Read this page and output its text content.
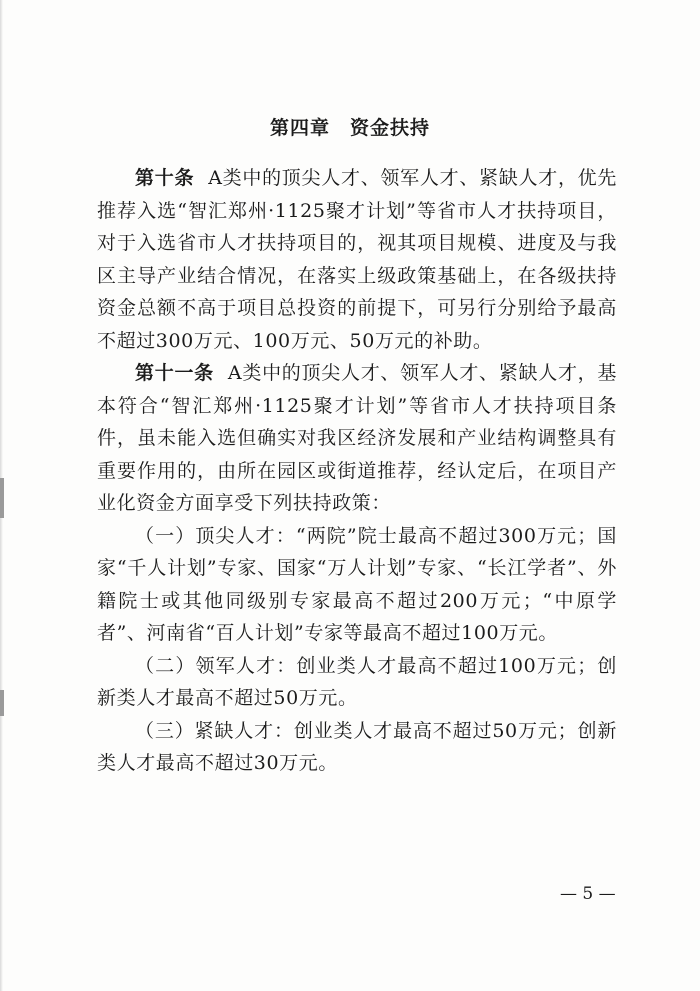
第四章　资金扶持

第十条 A类中的顶尖人才、领军人才、紧缺人才，优先推荐入选“智汇郑州·1125聚才计划”等省市人才扶持项目，对于入选省市人才扶持项目的，视其项目规模、进度及与我区主导产业结合情况，在落实上级政策基础上，在各级扶持资金总额不高于项目总投资的前提下，可另行分别给予最高不超过300万元、100万元、50万元的补助。

第十一条 A类中的顶尖人才、领军人才、紧缺人才，基本符合“智汇郑州·1125聚才计划”等省市人才扶持项目条件，虽未能入选但确实对我区经济发展和产业结构调整具有重要作用的，由所在园区或街道推荐，经认定后，在项目产业化资金方面享受下列扶持政策：

（一）顶尖人才：“两院”院士最高不超过300万元；国家“千人计划”专家、国家“万人计划”专家、“长江学者”、外籍院士或其他同级别专家最高不超过200万元；“中原学者”、河南省“百人计划”专家等最高不超过100万元。

（二）领军人才：创业类人才最高不超过100万元；创新类人才最高不超过50万元。

（三）紧缺人才：创业类人才最高不超过50万元；创新类人才最高不超过30万元。

— 5 —
